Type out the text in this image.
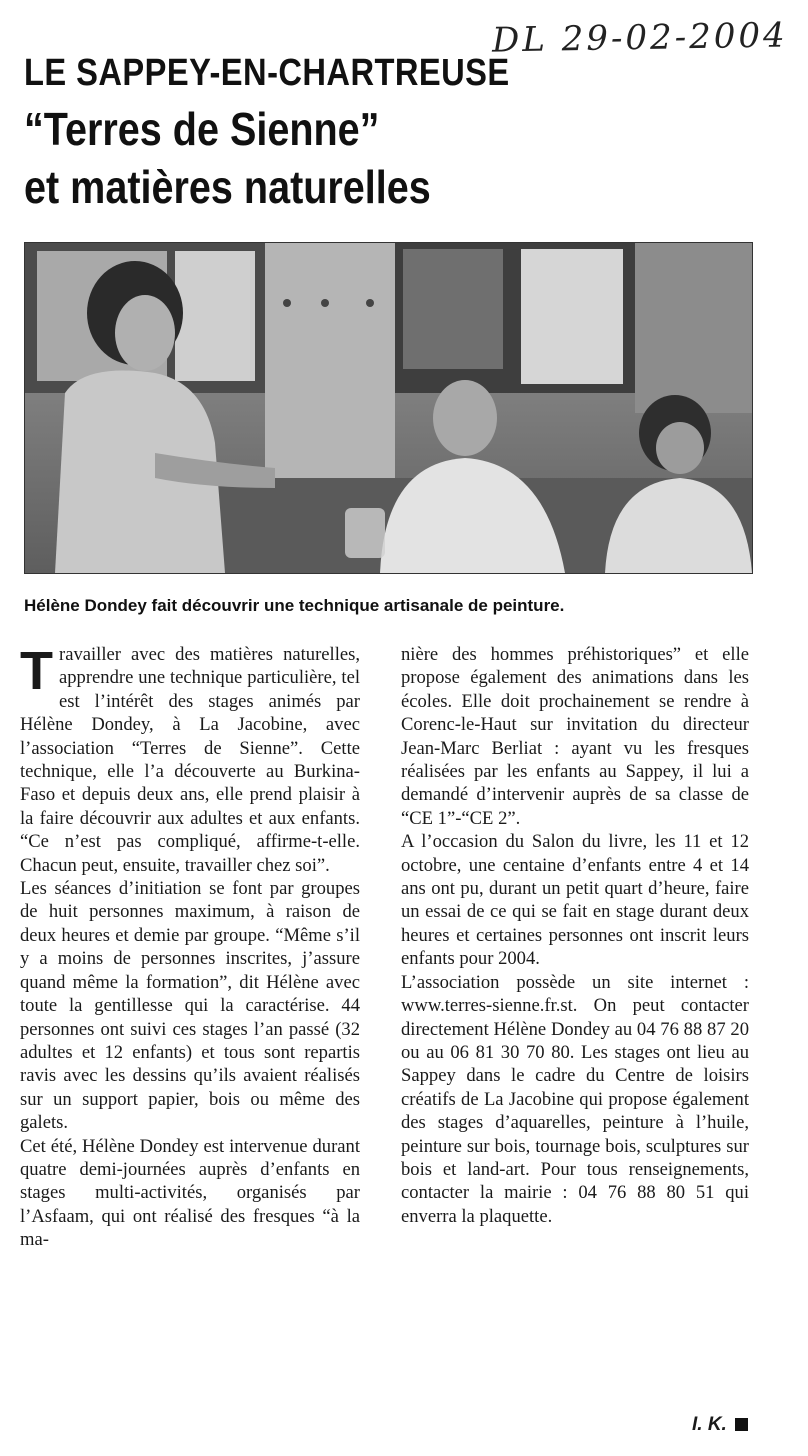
DL 29-02-2004
LE SAPPEY-EN-CHARTREUSE
“Terres de Sienne”
et matières naturelles
Hélène Dondey fait découvrir une technique artisanale de peinture.
T ravailler avec des matières naturelles, apprendre une technique particulière, tel est l’intérêt des stages animés par Hélène Dondey, à La Jacobine, avec l’association “Terres de Sienne”. Cette technique, elle l’a découverte au Burkina-Faso et depuis deux ans, elle prend plaisir à la faire découvrir aux adultes et aux enfants. “Ce n’est pas compliqué, affirme-t-elle. Chacun peut, ensuite, travailler chez soi”.

Les séances d’initiation se font par groupes de huit personnes maximum, à raison de deux heures et demie par groupe. “Même s’il y a moins de personnes inscrites, j’assure quand même la formation”, dit Hélène avec toute la gentillesse qui la caractérise. 44 personnes ont suivi ces stages l’an passé (32 adultes et 12 enfants) et tous sont repartis ravis avec les dessins qu’ils avaient réalisés sur un support papier, bois ou même des galets.

Cet été, Hélène Dondey est intervenue durant quatre demi-journées auprès d’enfants en stages multi-activités, organisés par l’Asfaam, qui ont réalisé des fresques “à la ma-

nière des hommes préhistoriques” et elle propose également des animations dans les écoles. Elle doit prochainement se rendre à Corenc-le-Haut sur invitation du directeur Jean-Marc Berliat : ayant vu les fresques réalisées par les enfants au Sappey, il lui a demandé d’intervenir auprès de sa classe de “CE 1”-“CE 2”.

A l’occasion du Salon du livre, les 11 et 12 octobre, une centaine d’enfants entre 4 et 14 ans ont pu, durant un petit quart d’heure, faire un essai de ce qui se fait en stage durant deux heures et certaines personnes ont inscrit leurs enfants pour 2004.

L’association possède un site internet : www.terres-sienne.fr.st. On peut contacter directement Hélène Dondey au 04 76 88 87 20 ou au 06 81 30 70 80. Les stages ont lieu au Sappey dans le cadre du Centre de loisirs créatifs de La Jacobine qui propose également des stages d’aquarelles, peinture à l’huile, peinture sur bois, tournage bois, sculptures sur bois et land-art. Pour tous renseignements, contacter la mairie : 04 76 88 80 51 qui enverra la plaquette.

I. K.
